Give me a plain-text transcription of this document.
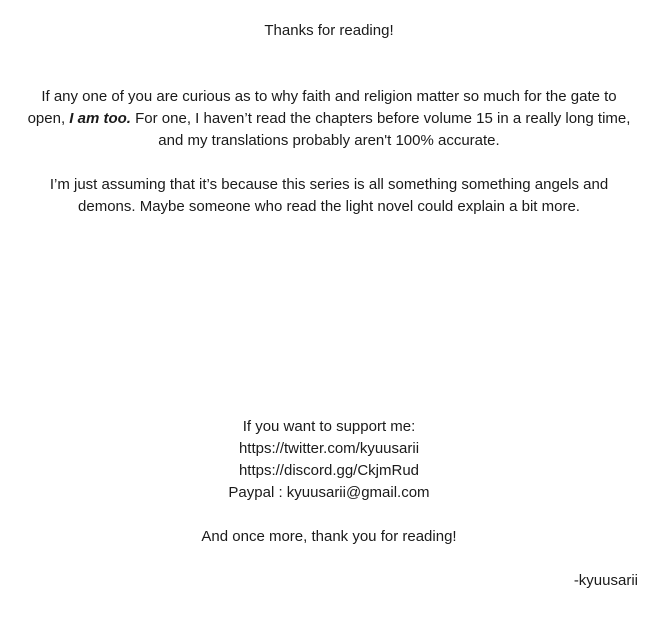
Thanks for reading!
If any one of you are curious as to why faith and religion matter so much for the gate to
open, I am too. For one, I haven’t read the chapters before volume 15 in a really long time,
and my translations probably aren't 100% accurate.
I’m just assuming that it’s because this series is all something something angels and
demons. Maybe someone who read the light novel could explain a bit more.
If you want to support me:
https://twitter.com/kyuusarii
https://discord.gg/CkjmRud
Paypal : kyuusarii@gmail.com
And once more, thank you for reading!
-kyuusarii
